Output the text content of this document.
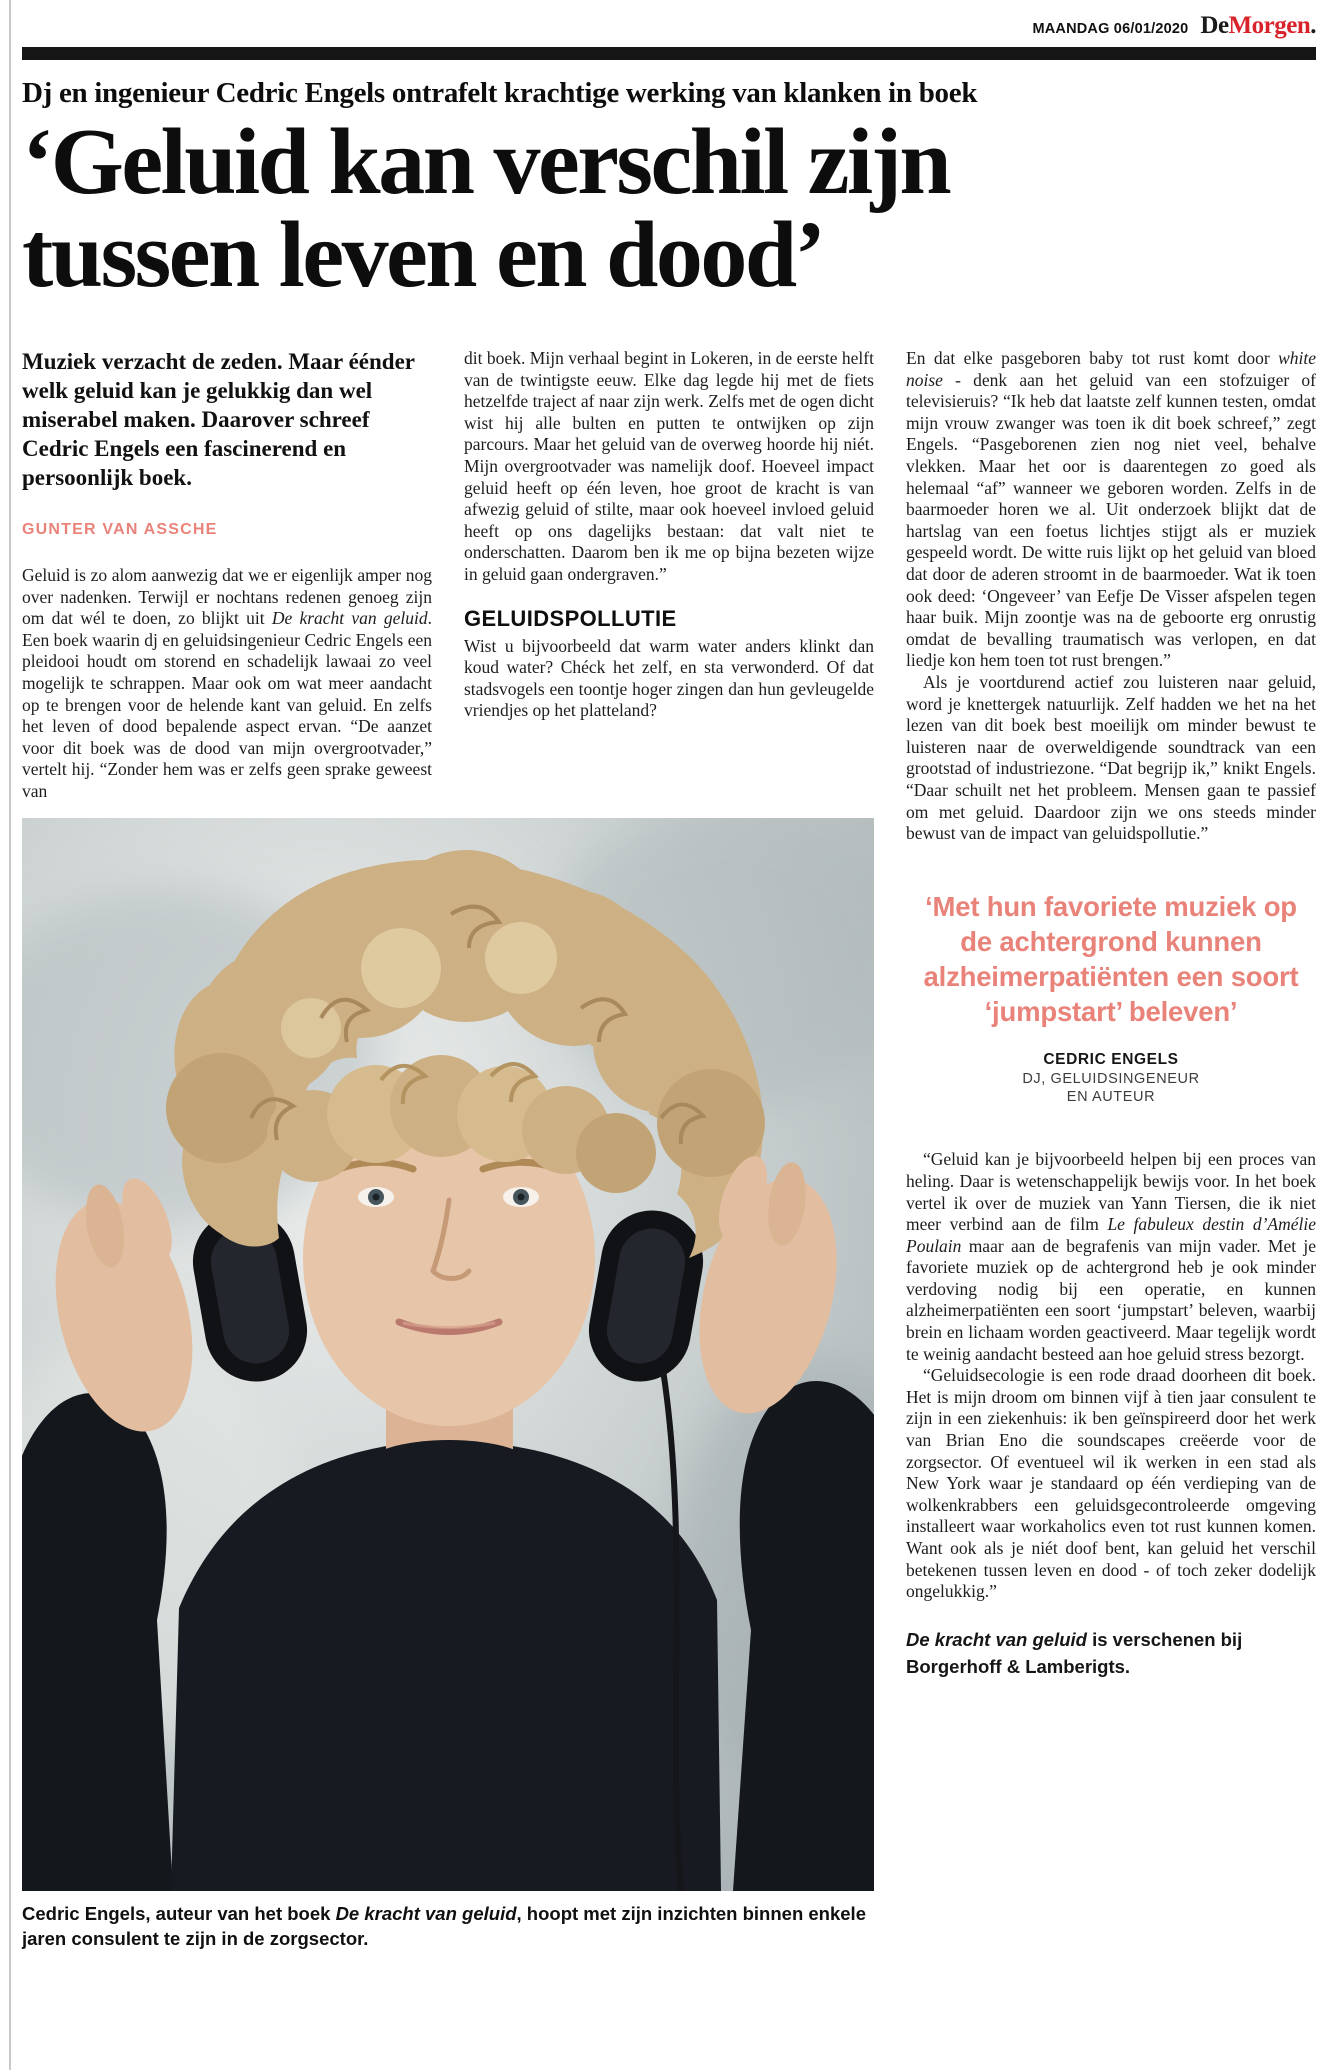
MAANDAG 06/01/2020 DeMorgen.
Dj en ingenieur Cedric Engels ontrafelt krachtige werking van klanken in boek
‘Geluid kan verschil zijn
tussen leven en dood’

Muziek verzacht de zeden. Maar éénder welk geluid kan je gelukkig dan wel miserabel maken. Daarover schreef Cedric Engels een fascinerend en persoonlijk boek.

GUNTER VAN ASSCHE

Geluid is zo alom aanwezig dat we er eigenlijk amper nog over nadenken. Terwijl er nochtans redenen genoeg zijn om dat wél te doen, zo blijkt uit De kracht van geluid. Een boek waarin dj en geluidsingenieur Cedric Engels een pleidooi houdt om storend en schadelijk lawaai zo veel mogelijk te schrappen. Maar ook om wat meer aandacht op te brengen voor de helende kant van geluid. En zelfs het leven of dood bepalende aspect ervan. “De aanzet voor dit boek was de dood van mijn overgrootvader,” vertelt hij. “Zonder hem was er zelfs geen sprake geweest van

dit boek. Mijn verhaal begint in Lokeren, in de eerste helft van de twintigste eeuw. Elke dag legde hij met de fiets hetzelfde traject af naar zijn werk. Zelfs met de ogen dicht wist hij alle bulten en putten te ontwijken op zijn parcours. Maar het geluid van de overweg hoorde hij niét. Mijn overgrootvader was namelijk doof. Hoeveel impact geluid heeft op één leven, hoe groot de kracht is van afwezig geluid of stilte, maar ook hoeveel invloed geluid heeft op ons dagelijks bestaan: dat valt niet te onderschatten. Daarom ben ik me op bijna bezeten wijze in geluid gaan ondergraven.”

GELUIDSPOLLUTIE

Wist u bijvoorbeeld dat warm water anders klinkt dan koud water? Chéck het zelf, en sta verwonderd. Of dat stadsvogels een toontje hoger zingen dan hun gevleugelde vriendjes op het platteland?

En dat elke pasgeboren baby tot rust komt door white noise - denk aan het geluid van een stofzuiger of televisieruis? “Ik heb dat laatste zelf kunnen testen, omdat mijn vrouw zwanger was toen ik dit boek schreef,” zegt Engels. “Pasgeborenen zien nog niet veel, behalve vlekken. Maar het oor is daarentegen zo goed als helemaal “af” wanneer we geboren worden. Zelfs in de baarmoeder horen we al. Uit onderzoek blijkt dat de hartslag van een foetus lichtjes stijgt als er muziek gespeeld wordt. De witte ruis lijkt op het geluid van bloed dat door de aderen stroomt in de baarmoeder. Wat ik toen ook deed: ‘Ongeveer’ van Eefje De Visser afspelen tegen haar buik. Mijn zoontje was na de geboorte erg onrustig omdat de bevalling traumatisch was verlopen, en dat liedje kon hem toen tot rust brengen.”

Als je voortdurend actief zou luisteren naar geluid, word je knettergek natuurlijk. Zelf hadden we het na het lezen van dit boek best moeilijk om minder bewust te luisteren naar de overweldigende soundtrack van een grootstad of industriezone. “Dat begrijp ik,” knikt Engels. “Daar schuilt net het probleem. Mensen gaan te passief om met geluid. Daardoor zijn we ons steeds minder bewust van de impact van geluidspollutie.”

‘Met hun favoriete muziek op de achtergrond kunnen alzheimerpatiënten een soort ‘jumpstart’ beleven’
CEDRIC ENGELS
DJ, GELUIDSINGENEUR
EN AUTEUR

“Geluid kan je bijvoorbeeld helpen bij een proces van heling. Daar is wetenschappelijk bewijs voor. In het boek vertel ik over de muziek van Yann Tiersen, die ik niet meer verbind aan de film Le fabuleux destin d’Amélie Poulain maar aan de begrafenis van mijn vader. Met je favoriete muziek op de achtergrond heb je ook minder verdoving nodig bij een operatie, en kunnen alzheimerpatiënten een soort ‘jumpstart’ beleven, waarbij brein en lichaam worden geactiveerd. Maar tegelijk wordt te weinig aandacht besteed aan hoe geluid stress bezorgt.

“Geluidsecologie is een rode draad doorheen dit boek. Het is mijn droom om binnen vijf à tien jaar consulent te zijn in een ziekenhuis: ik ben geïnspireerd door het werk van Brian Eno die soundscapes creëerde voor de zorgsector. Of eventueel wil ik werken in een stad als New York waar je standaard op één verdieping van de wolkenkrabbers een geluidsgecontroleerde omgeving installeert waar workaholics even tot rust kunnen komen. Want ook als je niét doof bent, kan geluid het verschil betekenen tussen leven en dood - of toch zeker dodelijk ongelukkig.”

De kracht van geluid is verschenen bij Borgerhoff & Lamberigts.

Cedric Engels, auteur van het boek De kracht van geluid, hoopt met zijn inzichten binnen enkele jaren consulent te zijn in de zorgsector.
